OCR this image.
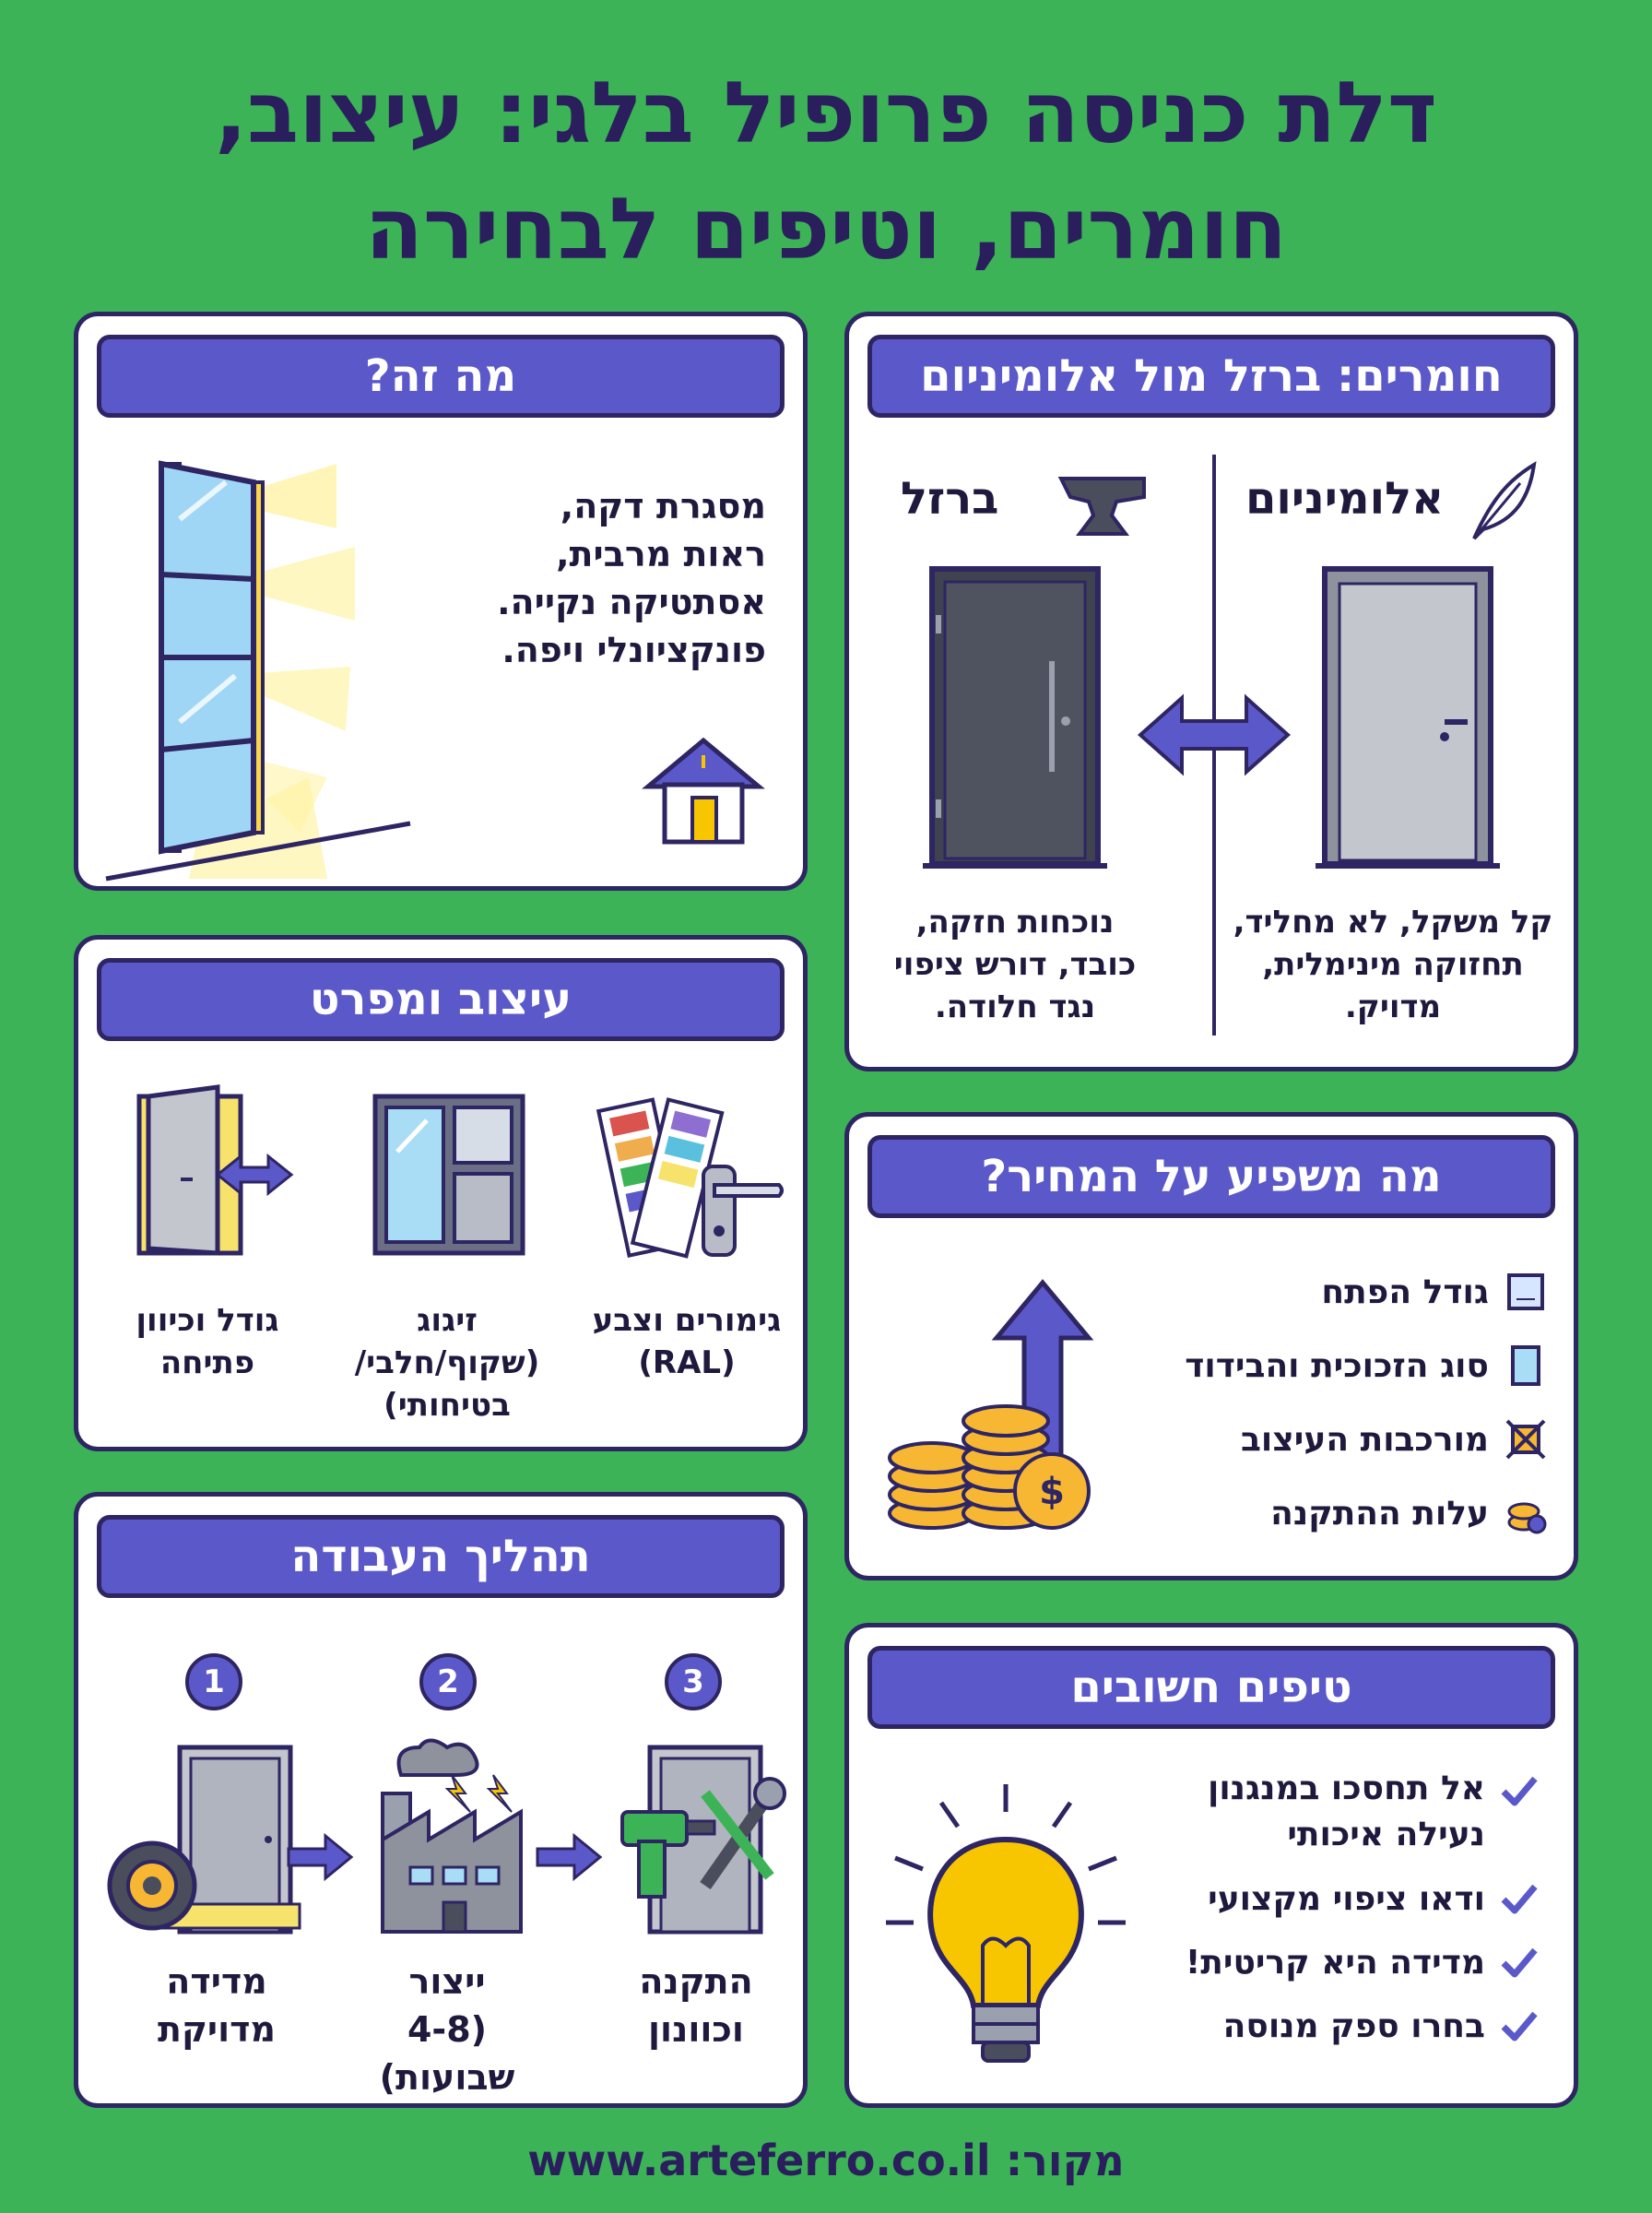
דלת כניסה פרופיל בלגי: עיצוב,
חומרים, וטיפים לבחירה
מה זה?
מסגרת דקה,
ראות מרבית,
אסתטיקה נקייה.
פונקציונלי ויפה.
חומרים: ברזל מול אלומיניום
ברזל
נוכחות חזקה,
כובד, דורש ציפוי
נגד חלודה.
אלומיניום
קל משקל, לא מחליד,
תחזוקה מינימלית,
מדויק.
עיצוב ומפרט
גודל וכיוון
פתיחה
זיגוג
(שקוף/חלבי/
בטיחותי)
גימורים וצבע
(RAL)
מה משפיע על המחיר?
$
גודל הפתח
סוג הזכוכית והבידוד
מורכבות העיצוב
עלות ההתקנה
תהליך העבודה
1	2	3
מדידה
מדויקת
ייצור
(4-8 שבועות)
התקנה
וכוונון
טיפים חשובים
אל תחסכו במנגנון
נעילה איכותי
ודאו ציפוי מקצועי
מדידה היא קריטית!
בחרו ספק מנוסה
מקור: www.arteferro.co.il
